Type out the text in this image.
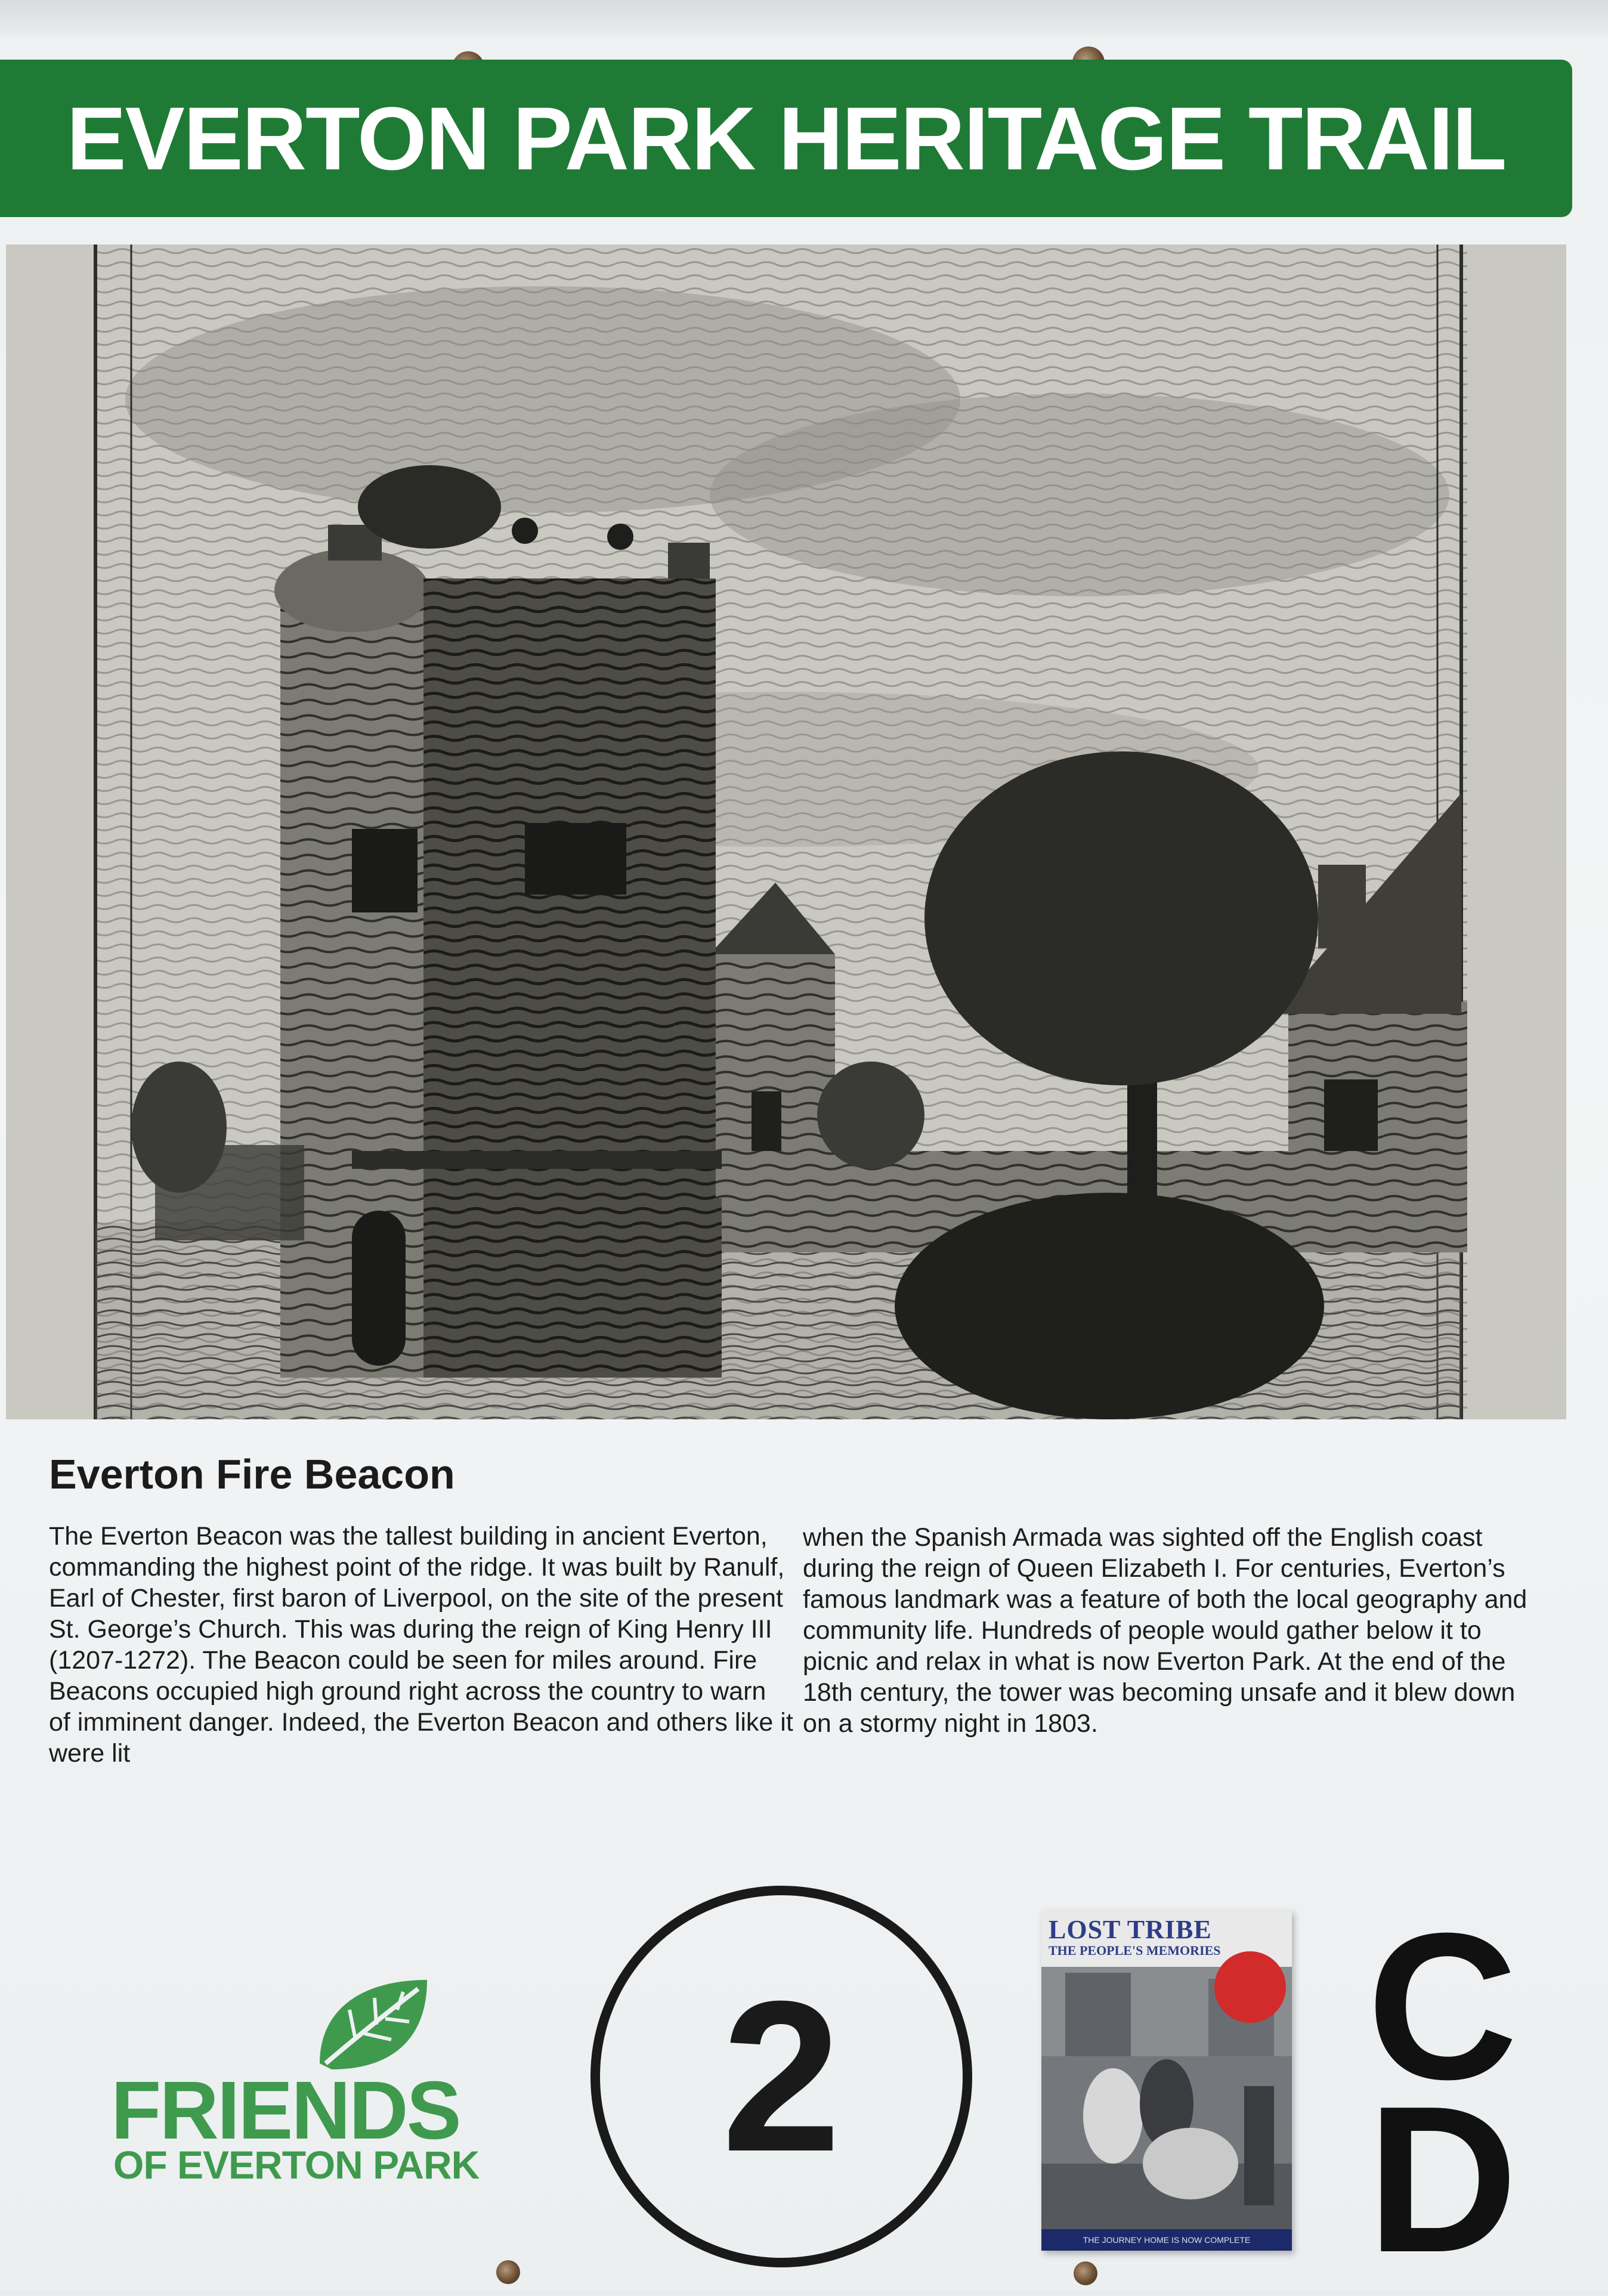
EVERTON PARK HERITAGE TRAIL
Everton Fire Beacon

The Everton Beacon was the tallest building in ancient Everton, commanding the highest point of the ridge. It was built by Ranulf, Earl of Chester, first baron of Liverpool, on the site of the present St. George’s Church. This was during the reign of King Henry III (1207-1272). The Beacon could be seen for miles around. Fire Beacons occupied high ground right across the country to warn of imminent danger. Indeed, the Everton Beacon and others like it were lit

when the Spanish Armada was sighted off the English coast during the reign of Queen Elizabeth I. For centuries, Everton’s famous landmark was a feature of both the local geography and community life. Hundreds of people would gather below it to picnic and relax in what is now Everton Park. At the end of the 18th century, the tower was becoming unsafe and it blew down on a stormy night in 1803.

FRIENDS
OF EVERTON PARK 2
LOST TRIBE
THE PEOPLE'S MEMORIES
THE JOURNEY HOME IS NOW COMPLETE
C
D
